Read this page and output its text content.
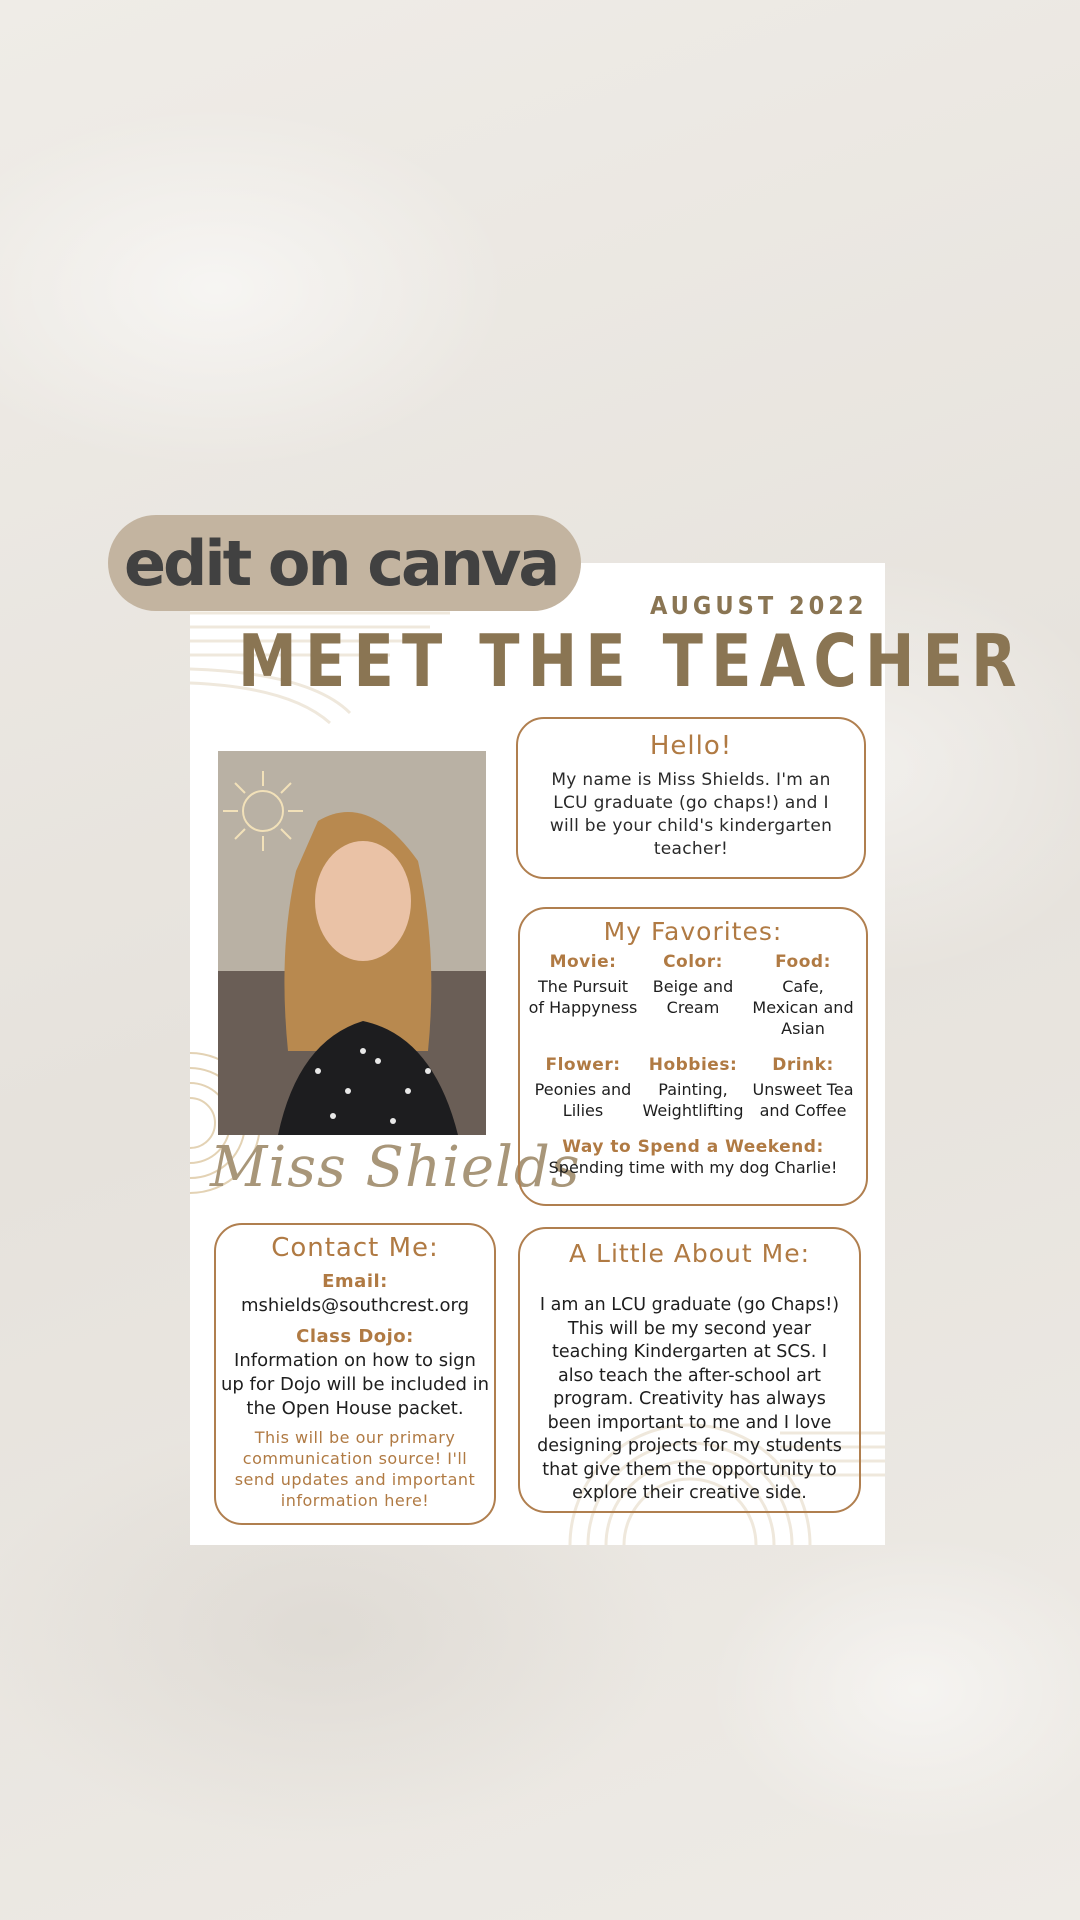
edit on canva
AUGUST 2022
MEET THE TEACHER
Miss Shields
Hello!

My name is Miss Shields. I'm an LCU graduate (go chaps!) and I will be your child's kindergarten teacher!

My Favorites:
Movie:
The Pursuit of Happyness
Color:
Beige and Cream
Food:
Cafe, Mexican and Asian
Flower:
Peonies and Lilies
Hobbies:
Painting, Weightlifting
Drink:
Unsweet Tea and Coffee
Way to Spend a Weekend:
Spending time with my dog Charlie!
Contact Me:
Email:
mshields@southcrest.org
Class Dojo:
Information on how to sign up for Dojo will be included in the Open House packet.
This will be our primary communication source! I'll send updates and important information here!
A Little About Me:

I am an LCU graduate (go Chaps!) This will be my second year teaching Kindergarten at SCS. I also teach the after-school art program. Creativity has always been important to me and I love designing projects for my students that give them the opportunity to explore their creative side.
